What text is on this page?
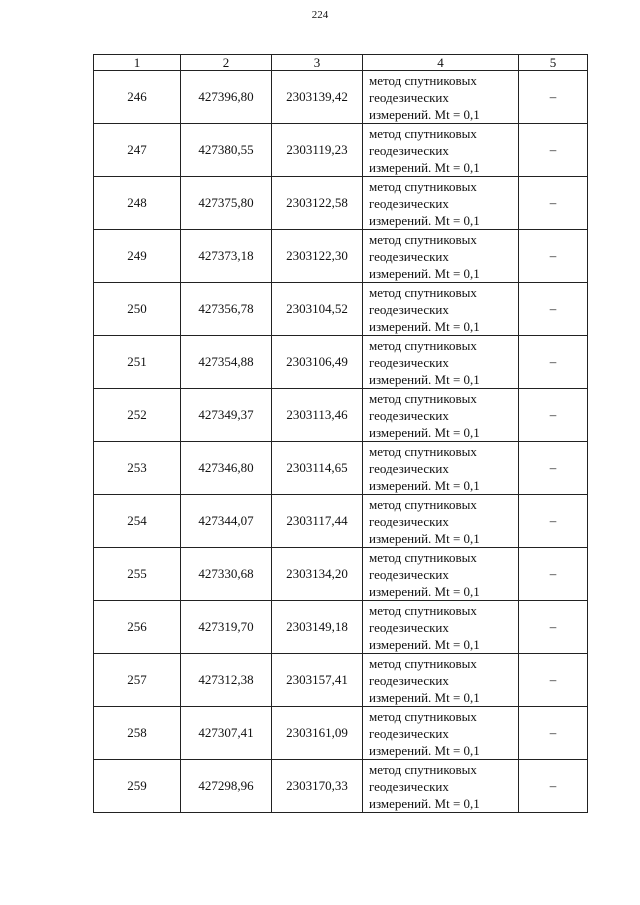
224
1	2	3	4	5
246	427396,80	2303139,42	метод спутниковых
геодезических
измерений. Mt = 0,1	–
247	427380,55	2303119,23	метод спутниковых
геодезических
измерений. Mt = 0,1	–
248	427375,80	2303122,58	метод спутниковых
геодезических
измерений. Mt = 0,1	–
249	427373,18	2303122,30	метод спутниковых
геодезических
измерений. Mt = 0,1	–
250	427356,78	2303104,52	метод спутниковых
геодезических
измерений. Mt = 0,1	–
251	427354,88	2303106,49	метод спутниковых
геодезических
измерений. Mt = 0,1	–
252	427349,37	2303113,46	метод спутниковых
геодезических
измерений. Mt = 0,1	–
253	427346,80	2303114,65	метод спутниковых
геодезических
измерений. Mt = 0,1	–
254	427344,07	2303117,44	метод спутниковых
геодезических
измерений. Mt = 0,1	–
255	427330,68	2303134,20	метод спутниковых
геодезических
измерений. Mt = 0,1	–
256	427319,70	2303149,18	метод спутниковых
геодезических
измерений. Mt = 0,1	–
257	427312,38	2303157,41	метод спутниковых
геодезических
измерений. Mt = 0,1	–
258	427307,41	2303161,09	метод спутниковых
геодезических
измерений. Mt = 0,1	–
259	427298,96	2303170,33	метод спутниковых
геодезических
измерений. Mt = 0,1	–
